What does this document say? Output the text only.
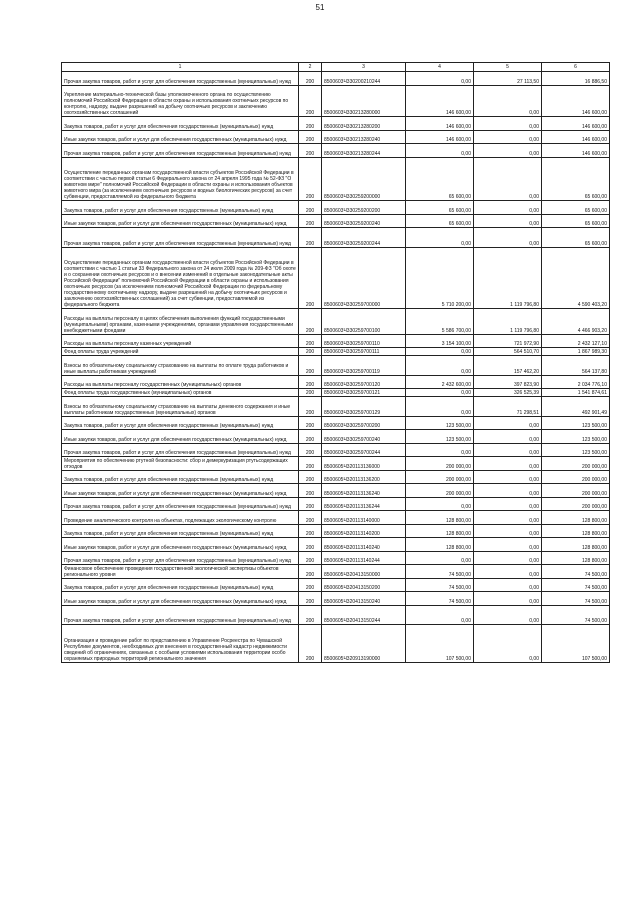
51
1	2	3	4	5	6
Прочая закупка товаров, работ и услуг для обеспечения государственных (муниципальных) нужд	200	8500603Ч330200210244	0,00	27 113,50	16 886,50
Укрепление материально-технической базы уполномоченного органа по осуществлению полномочий Российской Федерации в области охраны и использования охотничьих ресурсов по контролю, надзору, выдаче разрешений на добычу охотничьих ресурсов и заключению охотхозяйственных соглашений	200	8500603Ч330213280000	146 600,00	0,00	146 600,00
Закупка товаров, работ и услуг для обеспечения государственных (муниципальных) нужд	200	8500603Ч330213280200	146 600,00	0,00	146 600,00
Иные закупки товаров, работ и услуг для обеспечения государственных (муниципальных) нужд	200	8500603Ч330213280240	146 600,00	0,00	146 600,00
Прочая закупка товаров, работ и услуг для обеспечения государственных (муниципальных) нужд	200	8500603Ч330213280244	0,00	0,00	146 600,00
Осуществление переданных органам государственной власти субъектов Российской Федерации в соответствии с частью первой статьи 6 Федерального закона от 24 апреля 1995 года № 52-ФЗ "О животном мире" полномочий Российской Федерации в области охраны и использования объектов животного мира (за исключением охотничьих ресурсов и водных биологических ресурсов) за счет субвенции, предоставляемой из федерального бюджета	200	8500603Ч330259200000	65 600,00	0,00	65 600,00
Закупка товаров, работ и услуг для обеспечения государственных (муниципальных) нужд	200	8500603Ч330259200200	65 600,00	0,00	65 600,00
Иные закупки товаров, работ и услуг для обеспечения государственных (муниципальных) нужд	200	8500603Ч330259200240	65 600,00	0,00	65 600,00
Прочая закупка товаров, работ и услуг для обеспечения государственных (муниципальных) нужд	200	8500603Ч330259200244	0,00	0,00	65 600,00
Осуществление переданных органам государственной власти субъектов Российской Федерации в соответствии с частью 1 статьи 33 Федерального закона от 24 июля 2009 года № 209-ФЗ "Об охоте и о сохранении охотничьих ресурсов и о внесении изменений в отдельные законодательные акты Российской Федерации" полномочий Российской Федерации в области охраны и использования охотничьих ресурсов (за исключением полномочий Российской Федерации по федеральному государственному охотничьему надзору, выдаче разрешений на добычу охотничьих ресурсов и заключению охотхозяйственных соглашений) за счет субвенции, предоставляемой из федерального бюджета	200	8500603Ч330259700000	5 710 200,00	1 119 796,80	4 590 403,20
Расходы на выплаты персоналу в целях обеспечения выполнения функций государственными (муниципальными) органами, казенными учреждениями, органами управления государственными внебюджетными фондами	200	8500603Ч330259700100	5 586 700,00	1 119 796,80	4 466 903,20
Расходы на выплаты персоналу казенных учреждений	200	8500603Ч330259700110	3 154 100,00	721 972,90	2 432 127,10
Фонд оплаты труда учреждений	200	8500603Ч330259700111	0,00	564 510,70	1 867 989,30
Взносы по обязательному социальному страхованию на выплаты по оплате труда работников и иные выплаты работникам учреждений	200	8500603Ч330259700119	0,00	157 462,20	564 137,80
Расходы на выплаты персоналу государственных (муниципальных) органов	200	8500603Ч330259700120	2 432 600,00	397 823,90	2 034 776,10
Фонд оплаты труда государственных (муниципальных) органов	200	8500603Ч330259700121	0,00	326 525,39	1 541 874,61
Взносы по обязательному социальному страхованию на выплаты денежного содержания и иные выплаты работникам государственных (муниципальных) органов	200	8500603Ч330259700129	0,00	71 298,51	492 901,49
Закупка товаров, работ и услуг для обеспечения государственных (муниципальных) нужд	200	8500603Ч330259700200	123 500,00	0,00	123 500,00
Иные закупки товаров, работ и услуг для обеспечения государственных (муниципальных) нужд	200	8500603Ч330259700240	123 500,00	0,00	123 500,00
Прочая закупка товаров, работ и услуг для обеспечения государственных (муниципальных) нужд	200	8500603Ч330259700244	0,00	0,00	123 500,00
Мероприятия по обеспечению ртутной безопасности: сбор и демеркуризация ртутьсодержащих отходов	200	8500605Ч320113136000	200 000,00	0,00	200 000,00
Закупка товаров, работ и услуг для обеспечения государственных (муниципальных) нужд	200	8500605Ч320113136200	200 000,00	0,00	200 000,00
Иные закупки товаров, работ и услуг для обеспечения государственных (муниципальных) нужд	200	8500605Ч320113136240	200 000,00	0,00	200 000,00
Прочая закупка товаров, работ и услуг для обеспечения государственных (муниципальных) нужд	200	8500605Ч320113136244	0,00	0,00	200 000,00
Проведение аналитического контроля на объектах, подлежащих экологическому контролю	200	8500605Ч320113140000	128 800,00	0,00	128 800,00
Закупка товаров, работ и услуг для обеспечения государственных (муниципальных) нужд	200	8500605Ч320113140200	128 800,00	0,00	128 800,00
Иные закупки товаров, работ и услуг для обеспечения государственных (муниципальных) нужд	200	8500605Ч320113140240	128 800,00	0,00	128 800,00
Прочая закупка товаров, работ и услуг для обеспечения государственных (муниципальных) нужд	200	8500605Ч320113140244	0,00	0,00	128 800,00
Финансовое обеспечение проведения государственной экологической экспертизы объектов регионального уровня	200	8500605Ч320413150000	74 500,00	0,00	74 500,00
Закупка товаров, работ и услуг для обеспечения государственных (муниципальных) нужд	200	8500605Ч320413150200	74 500,00	0,00	74 500,00
Иные закупки товаров, работ и услуг для обеспечения государственных (муниципальных) нужд	200	8500605Ч320413150240	74 500,00	0,00	74 500,00
Прочая закупка товаров, работ и услуг для обеспечения государственных (муниципальных) нужд	200	8500605Ч320413150244	0,00	0,00	74 500,00
Организация и проведение работ по представлению в Управление Росреестра по Чувашской Республике документов, необходимых для внесения в государственный кадастр недвижимости сведений об ограничениях, связанных с особыми условиями использования территории особо охраняемых природных территорий регионального значения	200	8500605Ч320913190000	107 500,00	0,00	107 500,00
